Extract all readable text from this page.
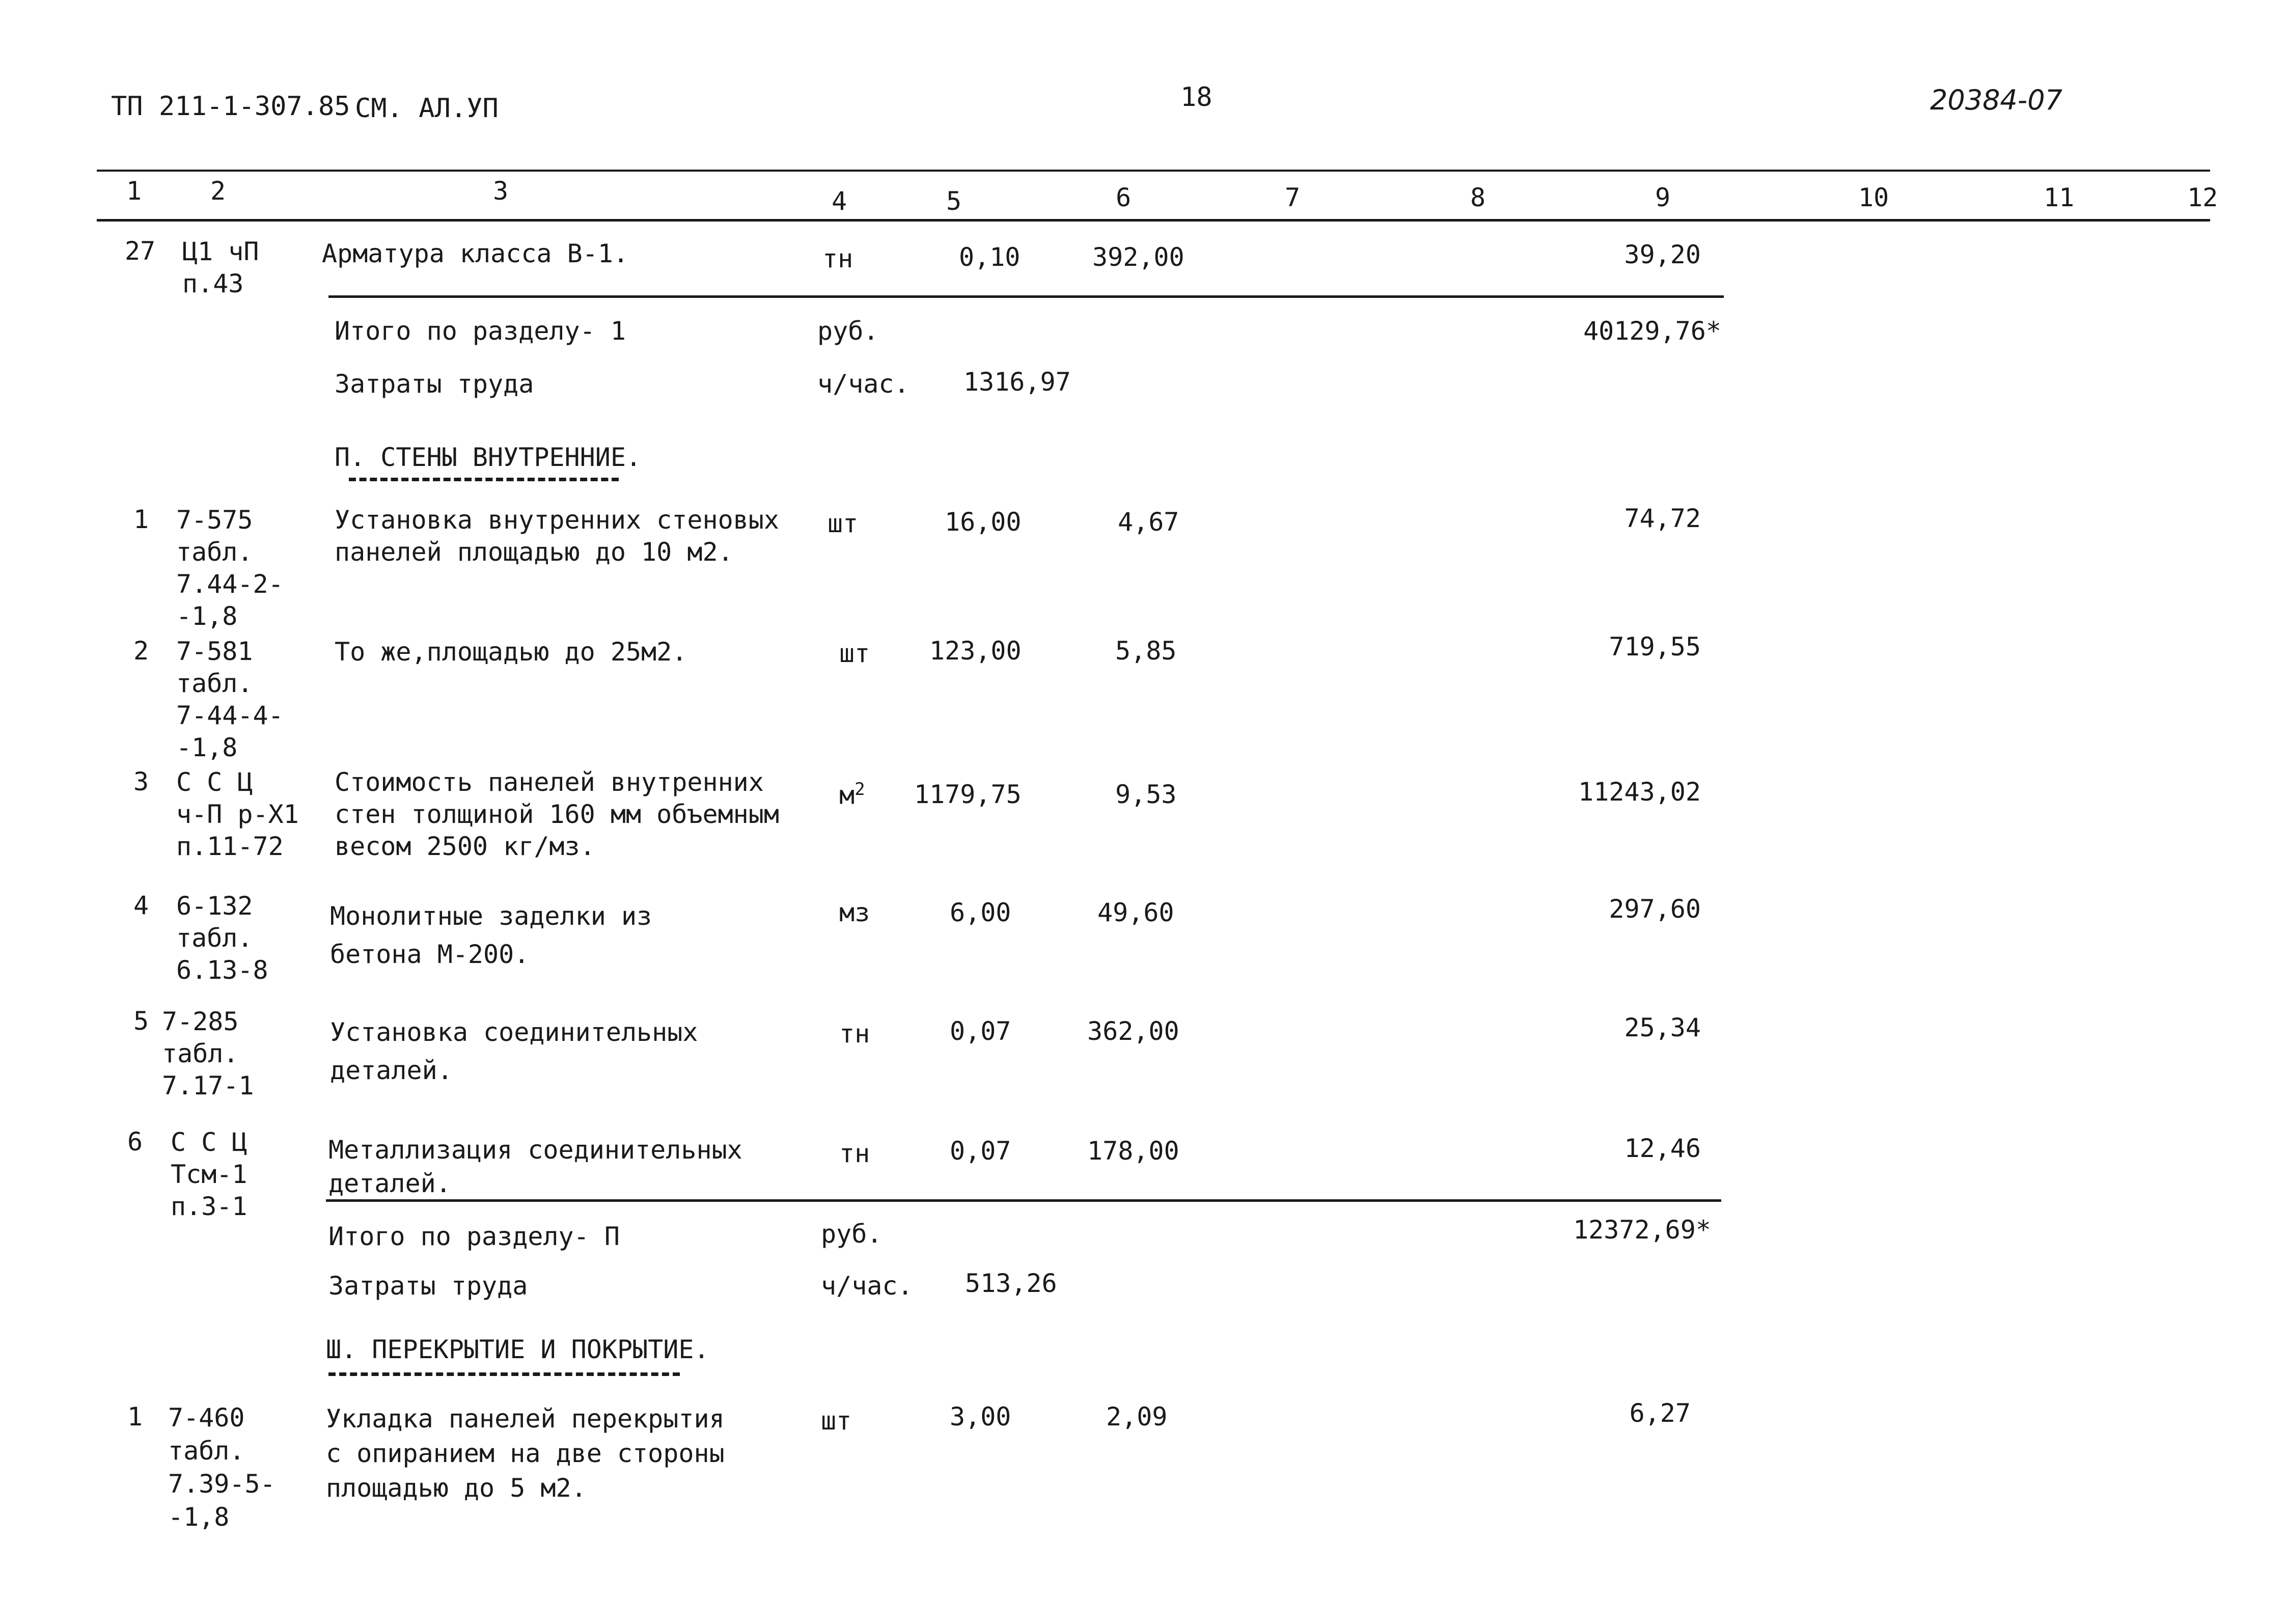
ТП 211-1-307.85 СМ. АЛ.УП	18	20384-07
1	2	3	4	5	6	7	8	9	10	11	12
27 Ц1 чП
п.43
Арматура класса В-1.	тн	0,10	392,00	39,20
Итого по разделу- 1	руб.	40129,76*
Затраты труда	ч/час. 1316,97
П. СТЕНЫ ВНУТРЕННИЕ.
1 7-575
табл.
7.44-2-
-1,8
Установка внутренних стеновых
панелей площадью до 10 м2.
шт	16,00	4,67	74,72
2 7-581
табл.
7-44-4-
-1,8
То же,площадью до 25м2.	шт 123,00	5,85	719,55
3 С С Ц
ч-П р-Х1
п.11-72
Стоимость панелей внутренних
стен толщиной 160 мм объемным
весом 2500 кг/мз.
$м^2$ 1179,75	9,53	11243,02
4 6-132
табл.
6.13-8
Монолитные заделки из
бетона М-200.
мз	6,00	49,60	297,60
5 7-285
табл.
7.17-1
Установка соединительных
деталей.
тн	0,07	362,00	25,34
6 С С Ц
Тсм-1
п.3-1
Металлизация соединительных
деталей.
тн	0,07	178,00	12,46
Итого по разделу- П	руб.	12372,69*
Затраты труда	ч/час. 513,26
Ш. ПЕРЕКРЫТИЕ И ПОКРЫТИЕ.
1 7-460
табл.
7.39-5-
-1,8
Укладка панелей перекрытия
с опиранием на две стороны
площадью до 5 м2.
шт	3,00	2,09	6,27
